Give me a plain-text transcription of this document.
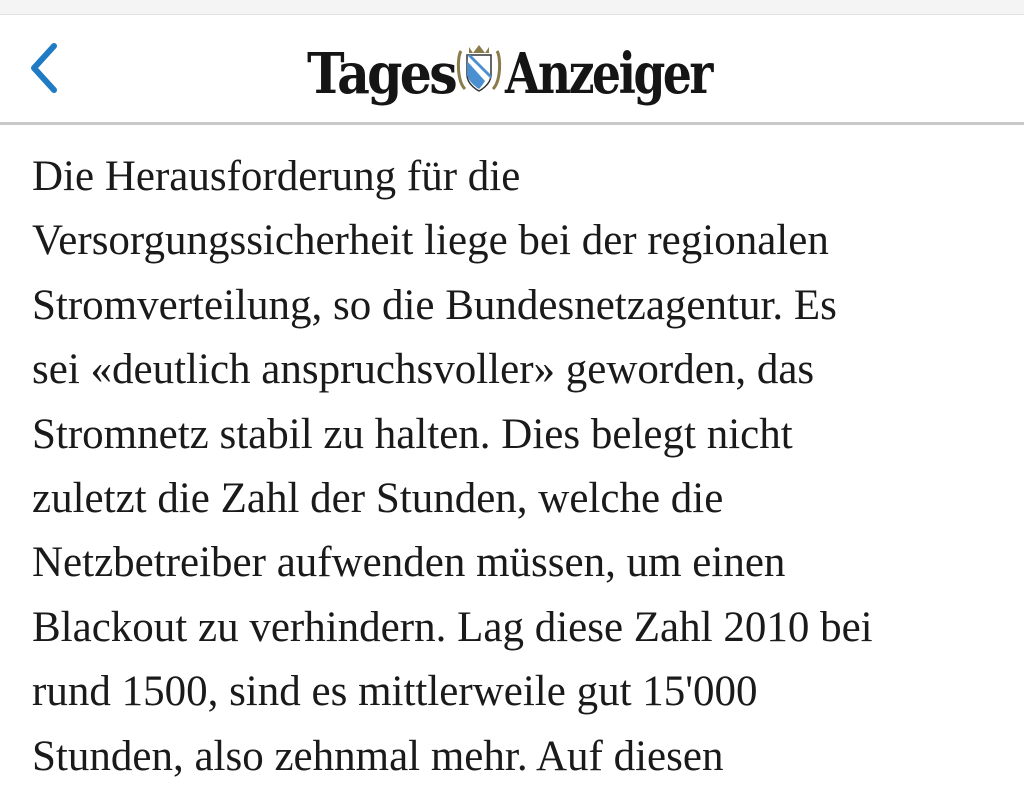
Tages Anzeiger

Die Herausforderung für die
Versorgungssicherheit liege bei der regionalen
Stromverteilung, so die Bundesnetzagentur. Es
sei «deutlich anspruchsvoller» geworden, das
Stromnetz stabil zu halten. Dies belegt nicht
zuletzt die Zahl der Stunden, welche die
Netzbetreiber aufwenden müssen, um einen
Blackout zu verhindern. Lag diese Zahl 2010 bei
rund 1500, sind es mittlerweile gut 15'000
Stunden, also zehnmal mehr. Auf diesen
